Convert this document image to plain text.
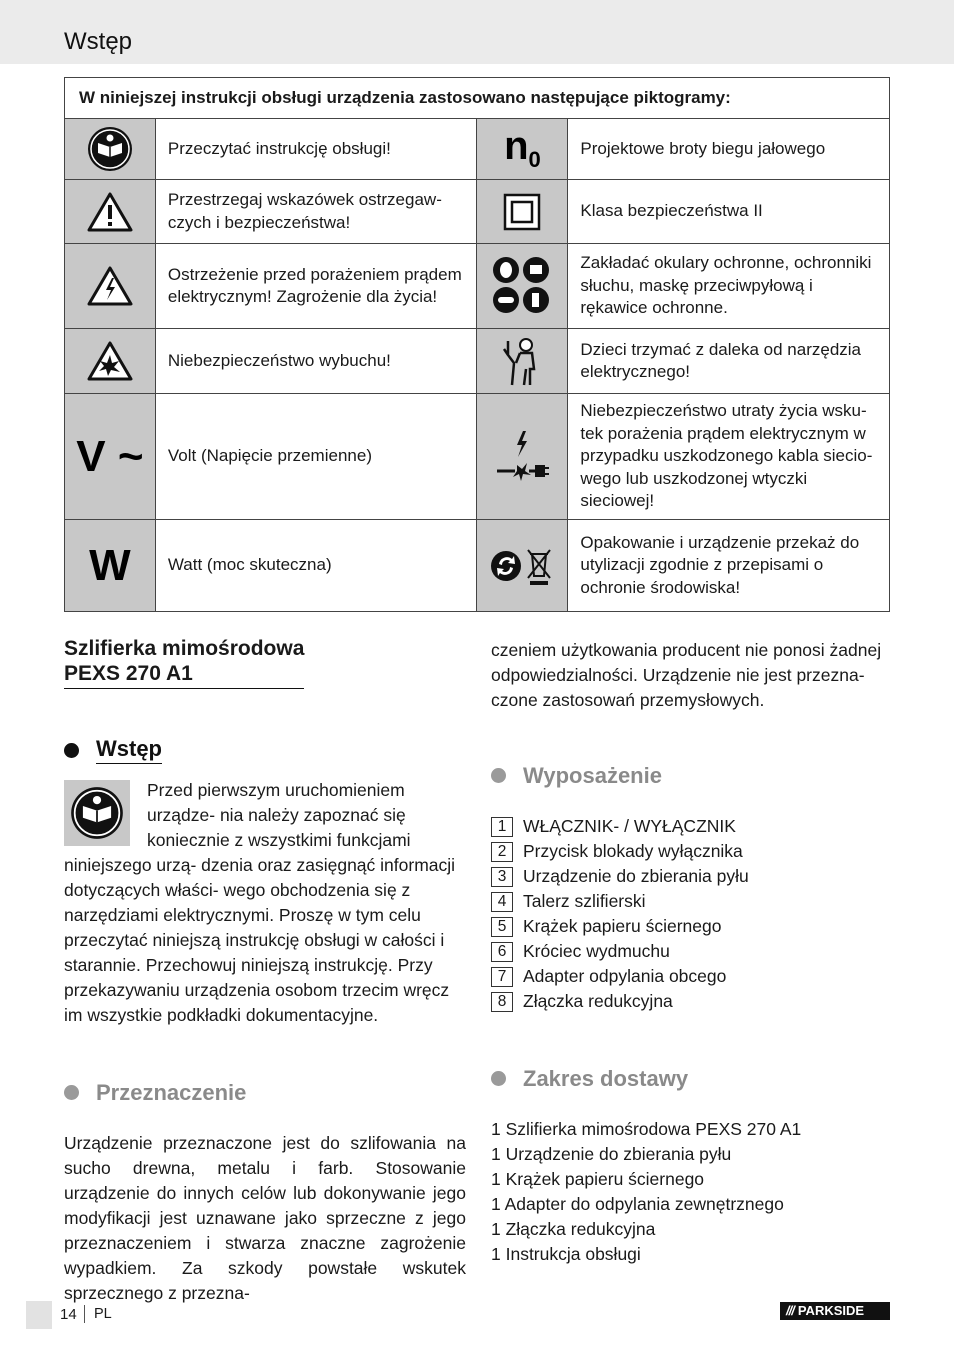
Wstęp
W niniejszej instrukcji obsługi urządzenia zastosowano następujące piktogramy:			

	Przeczytać instrukcję obsługi!	n0	Projektowe broty biegu jałowego

	Przestrzegaj wskazówek ostrzegaw- czych i bezpieczeństwa!		Klasa bezpieczeństwa II

	Ostrzeżenie przed porażeniem prądem elektrycznym! Zagrożenie dla życia!		Zakładać okulary ochronne, ochronniki słuchu, maskę przeciwpyłową i rękawice ochronne.

	Niebezpieczeństwo wybuchu!		Dzieci trzymać z daleka od narzędzia elektrycznego!
V ~	Volt (Napięcie przemienne)		Niebezpieczeństwo utraty życia wsku- tek porażenia prądem elektrycznym w przypadku uszkodzonego kabla siecio- wego lub uszkodzonej wtyczki sieciowej!
W	Watt (moc skuteczna)		Opakowanie i urządzenie przekaż do utylizacji zgodnie z przepisami o ochronie środowiska!
Szlifierka mimośrodowa
PEXS 270 A1
Wstęp
Przed pierwszym uruchomieniem urządze- nia należy zapoznać się koniecznie z wszystkimi funkcjami niniejszego urzą- dzenia oraz zasięgnąć informacji dotyczących właści- wego obchodzenia się z narzędziami elektrycznymi. Proszę w tym celu przeczytać niniejszą instrukcję obsługi w całości i starannie. Przechowuj niniejszą instrukcję. Przy przekazywaniu urządzenia osobom trzecim wręcz im wszystkie podkładki dokumentacyjne.
Przeznaczenie

Urządzenie przeznaczone jest do szlifowania na sucho drewna, metalu i farb. Stosowanie urządzenie do innych celów lub dokonywanie jego modyfikacji jest uznawane jako sprzeczne z jego przeznaczeniem i stwarza znaczne zagrożenie wypadkiem. Za szkody powstałe wskutek sprzecznego z przezna-

czeniem użytkowania producent nie ponosi żadnej odpowiedzialności. Urządzenie nie jest przezna- czone zastosowań przemysłowych.

Wyposażenie
1 WŁĄCZNIK- / WYŁĄCZNIK
2 Przycisk blokady wyłącznika
3 Urządzenie do zbierania pyłu
4 Talerz szlifierski
5 Krążek papieru ściernego
6 Króciec wydmuchu
7 Adapter odpylania obcego
8 Złączka redukcyjna
Zakres dostawy
1 Szlifierka mimośrodowa PEXS 270 A1
1 Urządzenie do zbierania pyłu
1 Krążek papieru ściernego
1 Adapter do odpylania zewnętrznego
1 Złączka redukcyjna
1 Instrukcja obsługi
14 PL	/// PARKSIDE
